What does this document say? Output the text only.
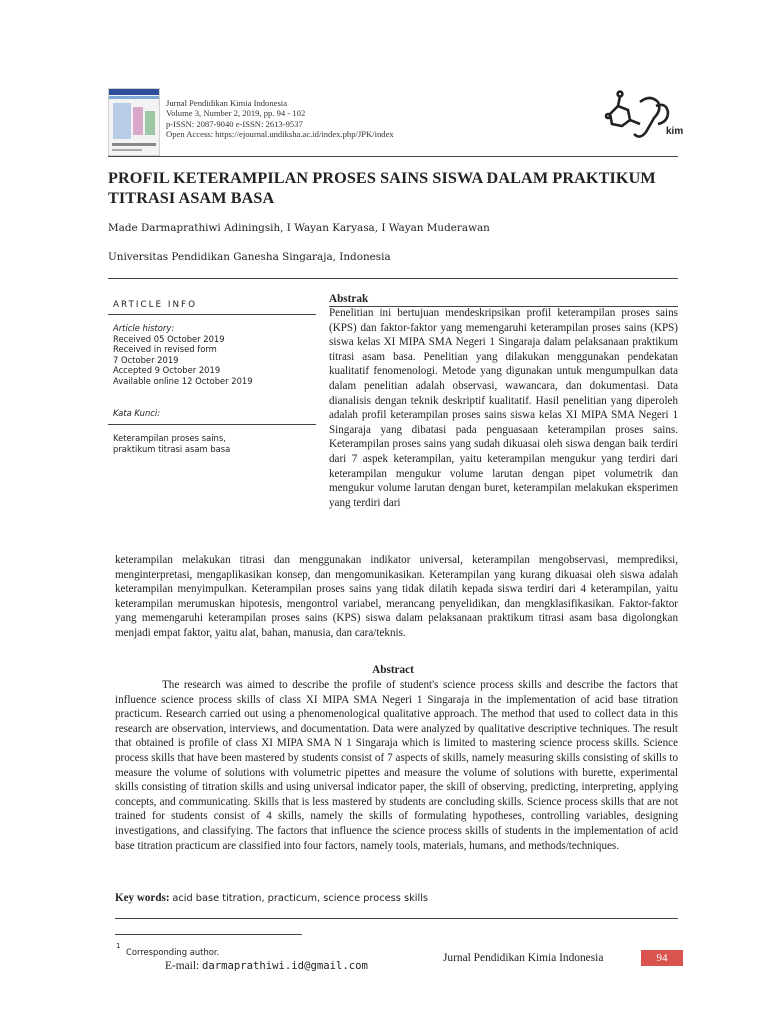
Jurnal Pendidikan Kimia Indonesia
Volume 3, Number 2, 2019, pp. 94 - 102
p-ISSN: 2087-9040 e-ISSN: 2613-9537
Open Access: https://ejournal.undiksha.ac.id/index.php/JPK/index	kim
PROFIL KETERAMPILAN PROSES SAINS SISWA DALAM PRAKTIKUM TITRASI ASAM BASA
Made Darmaprathiwi Adiningsih, I Wayan Karyasa, I Wayan Muderawan
Universitas Pendidikan Ganesha Singaraja, Indonesia
ARTICLE INFO
Article history:
Received 05 October 2019
Received in revised form
7 October 2019
Accepted 9 October 2019
Available online 12 October 2019
Kata Kunci:
Keterampilan proses sains,
praktikum titrasi asam basa
Abstrak
Penelitian ini bertujuan mendeskripsikan profil keterampilan proses sains (KPS) dan faktor-faktor yang memengaruhi keterampilan proses sains (KPS) siswa kelas XI MIPA SMA Negeri 1 Singaraja dalam pelaksanaan praktikum titrasi asam basa. Penelitian yang dilakukan menggunakan pendekatan kualitatif fenomenologi. Metode yang digunakan untuk mengumpulkan data dalam penelitian adalah observasi, wawancara, dan dokumentasi. Data dianalisis dengan teknik deskriptif kualitatif. Hasil penelitian yang diperoleh adalah profil keterampilan proses sains siswa kelas XI MIPA SMA Negeri 1 Singaraja yang dibatasi pada penguasaan keterampilan proses sains. Keterampilan proses sains yang sudah dikuasai oleh siswa dengan baik terdiri dari 7 aspek keterampilan, yaitu keterampilan mengukur yang terdiri dari keterampilan mengukur volume larutan dengan pipet volumetrik dan mengukur volume larutan dengan buret, keterampilan melakukan eksperimen yang terdiri dari
keterampilan melakukan titrasi dan menggunakan indikator universal, keterampilan mengobservasi, memprediksi, menginterpretasi, mengaplikasikan konsep, dan mengomunikasikan. Keterampilan yang kurang dikuasai oleh siswa adalah keterampilan menyimpulkan. Keterampilan proses sains yang tidak dilatih kepada siswa terdiri dari 4 keterampilan, yaitu keterampilan merumuskan hipotesis, mengontrol variabel, merancang penyelidikan, dan mengklasifikasikan. Faktor-faktor yang memengaruhi keterampilan proses sains (KPS) siswa dalam pelaksanaan praktikum titrasi asam basa digolongkan menjadi empat faktor, yaitu alat, bahan, manusia, dan cara/teknis.
Abstract

The research was aimed to describe the profile of student's science process skills and describe the factors that influence science process skills of class XI MIPA SMA Negeri 1 Singaraja in the implementation of acid base titration practicum. Research carried out using a phenomenological qualitative approach. The method that used to collect data in this research are observation, interviews, and documentation. Data were analyzed by qualitative descriptive techniques. The result that obtained is profile of class XI MIPA SMA N 1 Singaraja which is limited to mastering science process skills. Science process skills that have been mastered by students consist of 7 aspects of skills, namely measuring skills consisting of skills to measure the volume of solutions with volumetric pipettes and measure the volume of solutions with burette, experimental skills consisting of titration skills and using universal indicator paper, the skill of observing, predicting, interpreting, applying concepts, and communicating. Skills that is less mastered by students are concluding skills. Science process skills that are not trained for students consist of 4 skills, namely the skills of formulating hypotheses, controlling variables, designing investigations, and classifying. The factors that influence the science process skills of students in the implementation of acid base titration practicum are classified into four factors, namely tools, materials, humans, and methods/techniques.

Key words: acid base titration, practicum, science process skills
1
Corresponding author.
E-mail: darmaprathiwi.id@gmail.com
Jurnal Pendidikan Kimia Indonesia	94
